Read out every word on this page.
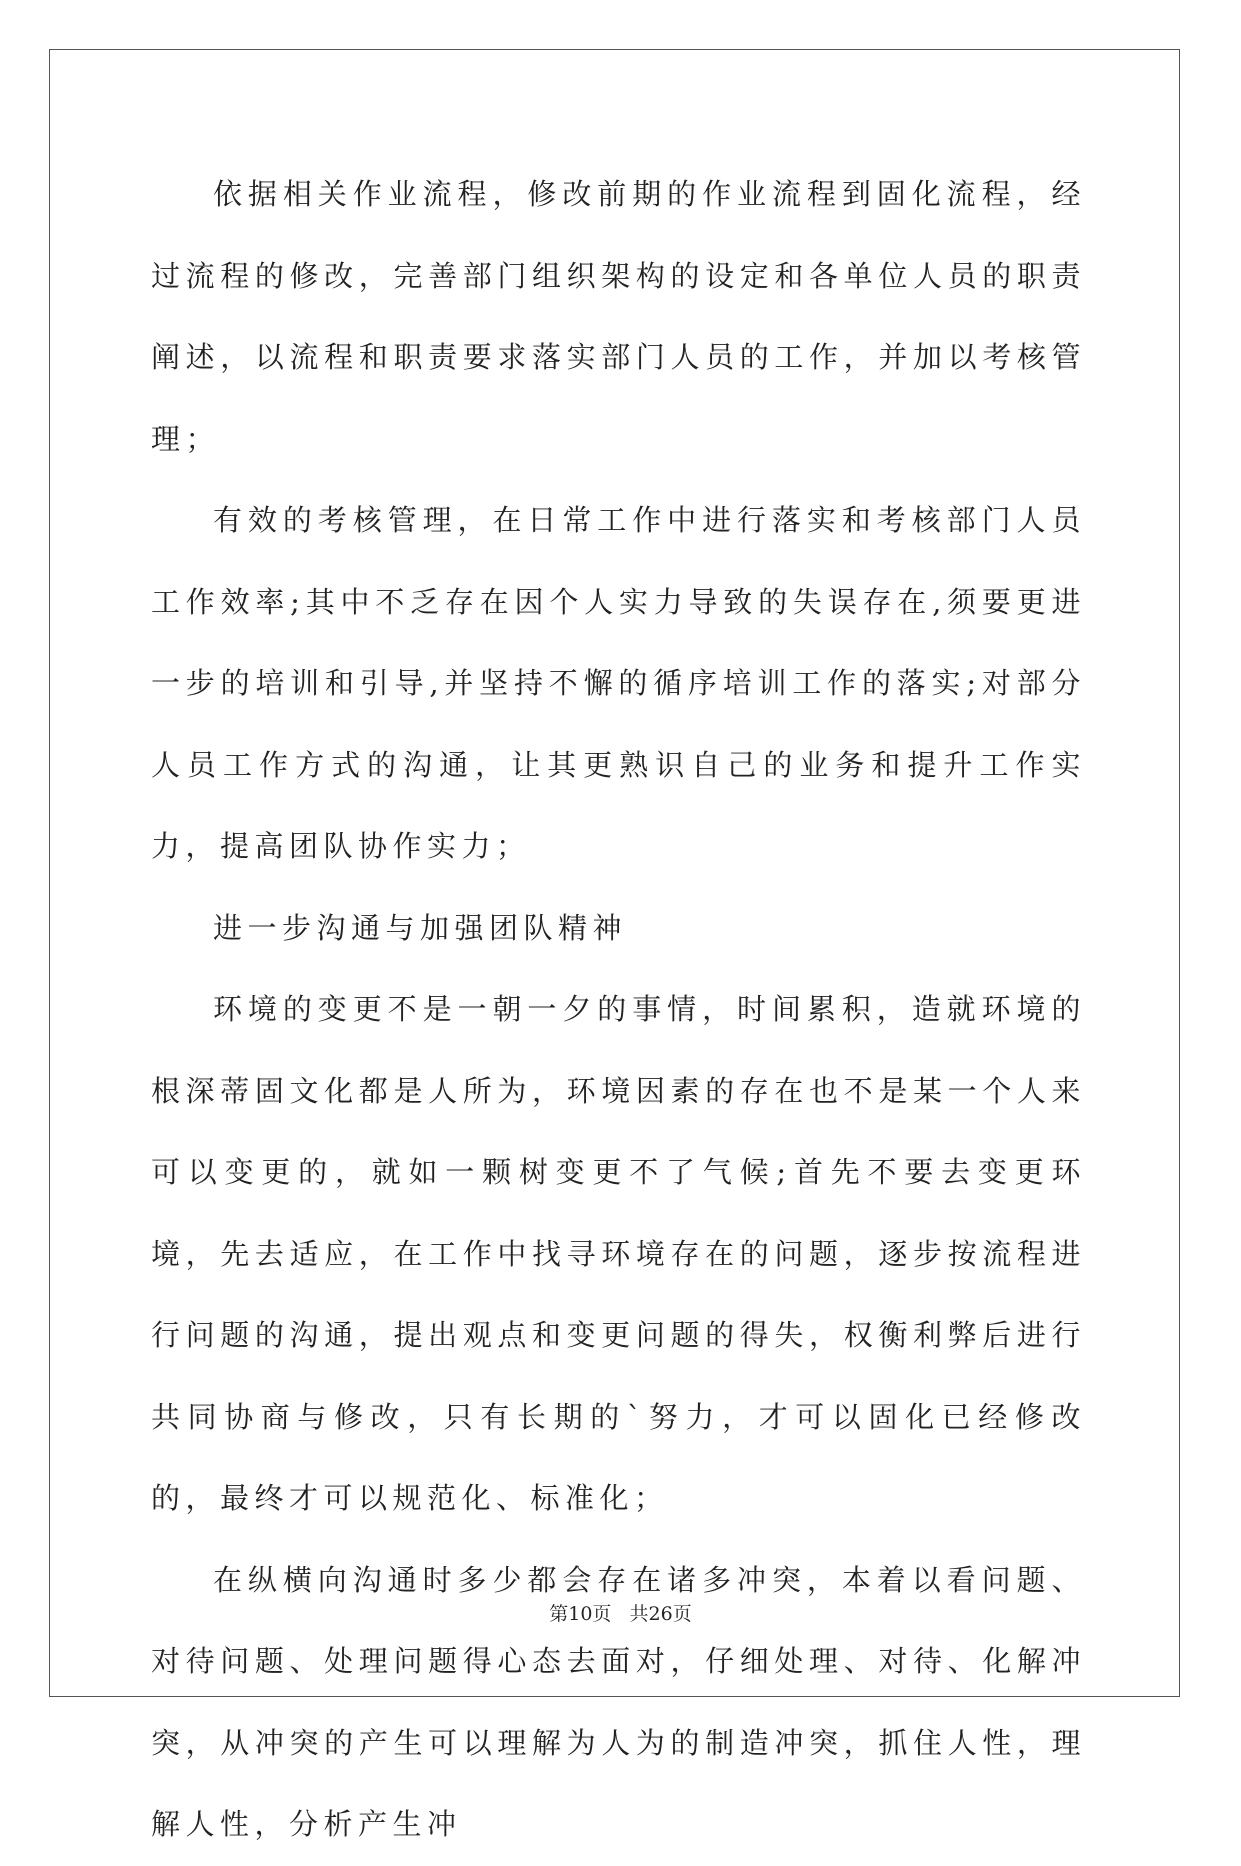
依据相关作业流程，修改前期的作业流程到固化流程，经过流程的修改，完善部门组织架构的设定和各单位人员的职责阐述，以流程和职责要求落实部门人员的工作，并加以考核管理；

有效的考核管理，在日常工作中进行落实和考核部门人员工作效率;其中不乏存在因个人实力导致的失误存在,须要更进一步的培训和引导,并坚持不懈的循序培训工作的落实;对部分人员工作方式的沟通，让其更熟识自己的业务和提升工作实力，提高团队协作实力；

进一步沟通与加强团队精神

环境的变更不是一朝一夕的事情，时间累积，造就环境的根深蒂固文化都是人所为，环境因素的存在也不是某一个人来可以变更的，就如一颗树变更不了气候;首先不要去变更环境，先去适应，在工作中找寻环境存在的问题，逐步按流程进行问题的沟通，提出观点和变更问题的得失，权衡利弊后进行共同协商与修改，只有长期的`努力，才可以固化已经修改的，最终才可以规范化、标准化；

在纵横向沟通时多少都会存在诸多冲突，本着以看问题、对待问题、处理问题得心态去面对，仔细处理、对待、化解冲突，从冲突的产生可以理解为人为的制造冲突，抓住人性，理解人性，分析产生冲

第10页   共26页
